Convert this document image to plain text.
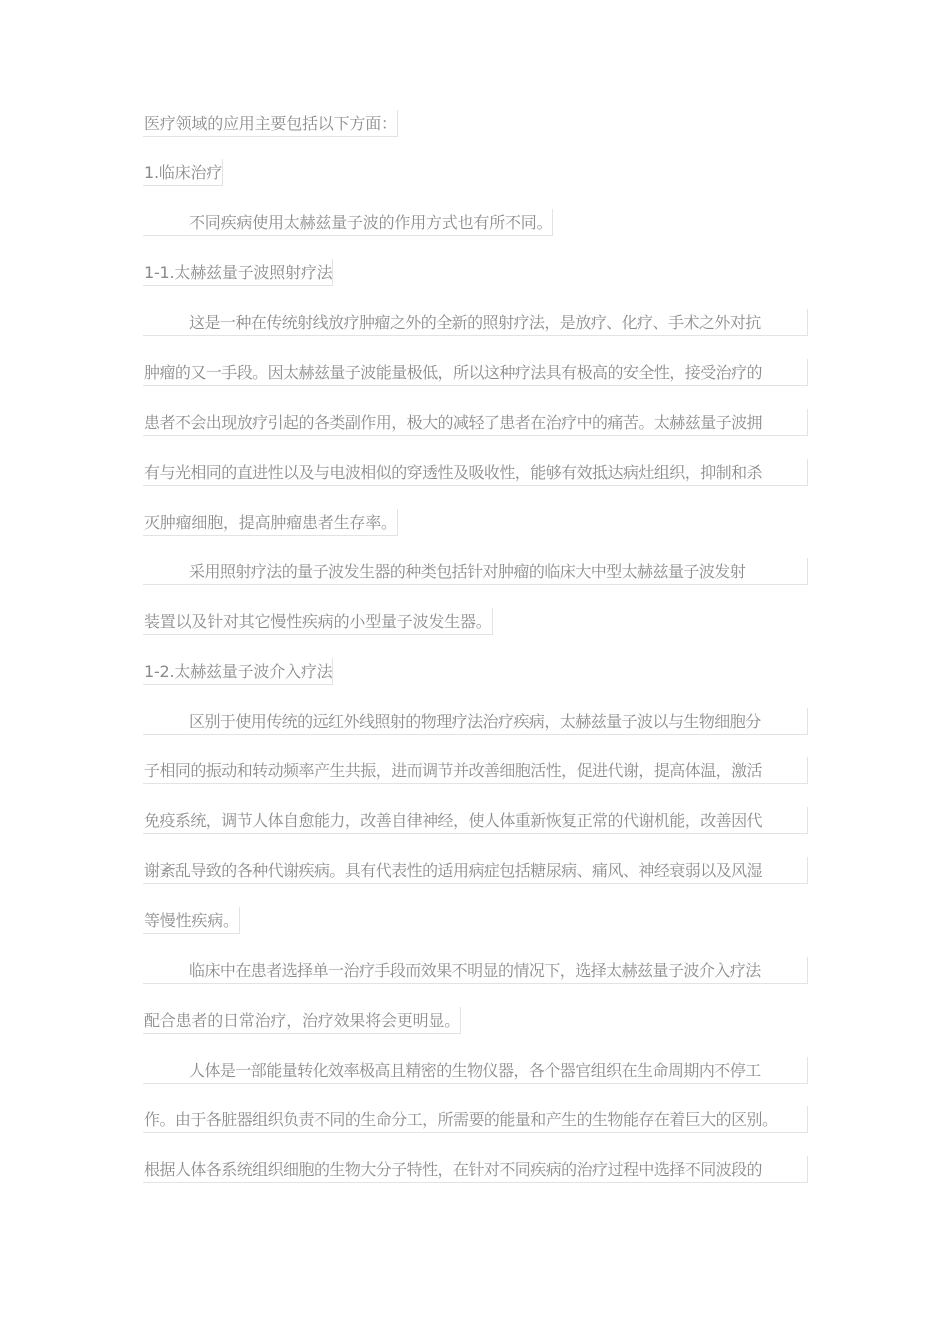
医疗领域的应用主要包括以下方面：
1.临床治疗
不同疾病使用太赫兹量子波的作用方式也有所不同。
1-1.太赫兹量子波照射疗法
这是一种在传统射线放疗肿瘤之外的全新的照射疗法，是放疗、化疗、手术之外对抗
肿瘤的又一手段。因太赫兹量子波能量极低，所以这种疗法具有极高的安全性，接受治疗的
患者不会出现放疗引起的各类副作用，极大的减轻了患者在治疗中的痛苦。太赫兹量子波拥
有与光相同的直进性以及与电波相似的穿透性及吸收性，能够有效抵达病灶组织，抑制和杀
灭肿瘤细胞，提高肿瘤患者生存率。
采用照射疗法的量子波发生器的种类包括针对肿瘤的临床大中型太赫兹量子波发射
装置以及针对其它慢性疾病的小型量子波发生器。
1-2.太赫兹量子波介入疗法
区别于使用传统的远红外线照射的物理疗法治疗疾病，太赫兹量子波以与生物细胞分
子相同的振动和转动频率产生共振，进而调节并改善细胞活性，促进代谢，提高体温，激活
免疫系统，调节人体自愈能力，改善自律神经，使人体重新恢复正常的代谢机能，改善因代
谢紊乱导致的各种代谢疾病。具有代表性的适用病症包括糖尿病、痛风、神经衰弱以及风湿
等慢性疾病。
临床中在患者选择单一治疗手段而效果不明显的情况下，选择太赫兹量子波介入疗法
配合患者的日常治疗，治疗效果将会更明显。
人体是一部能量转化效率极高且精密的生物仪器，各个器官组织在生命周期内不停工
作。由于各脏器组织负责不同的生命分工，所需要的能量和产生的生物能存在着巨大的区别。
根据人体各系统组织细胞的生物大分子特性，在针对不同疾病的治疗过程中选择不同波段的
